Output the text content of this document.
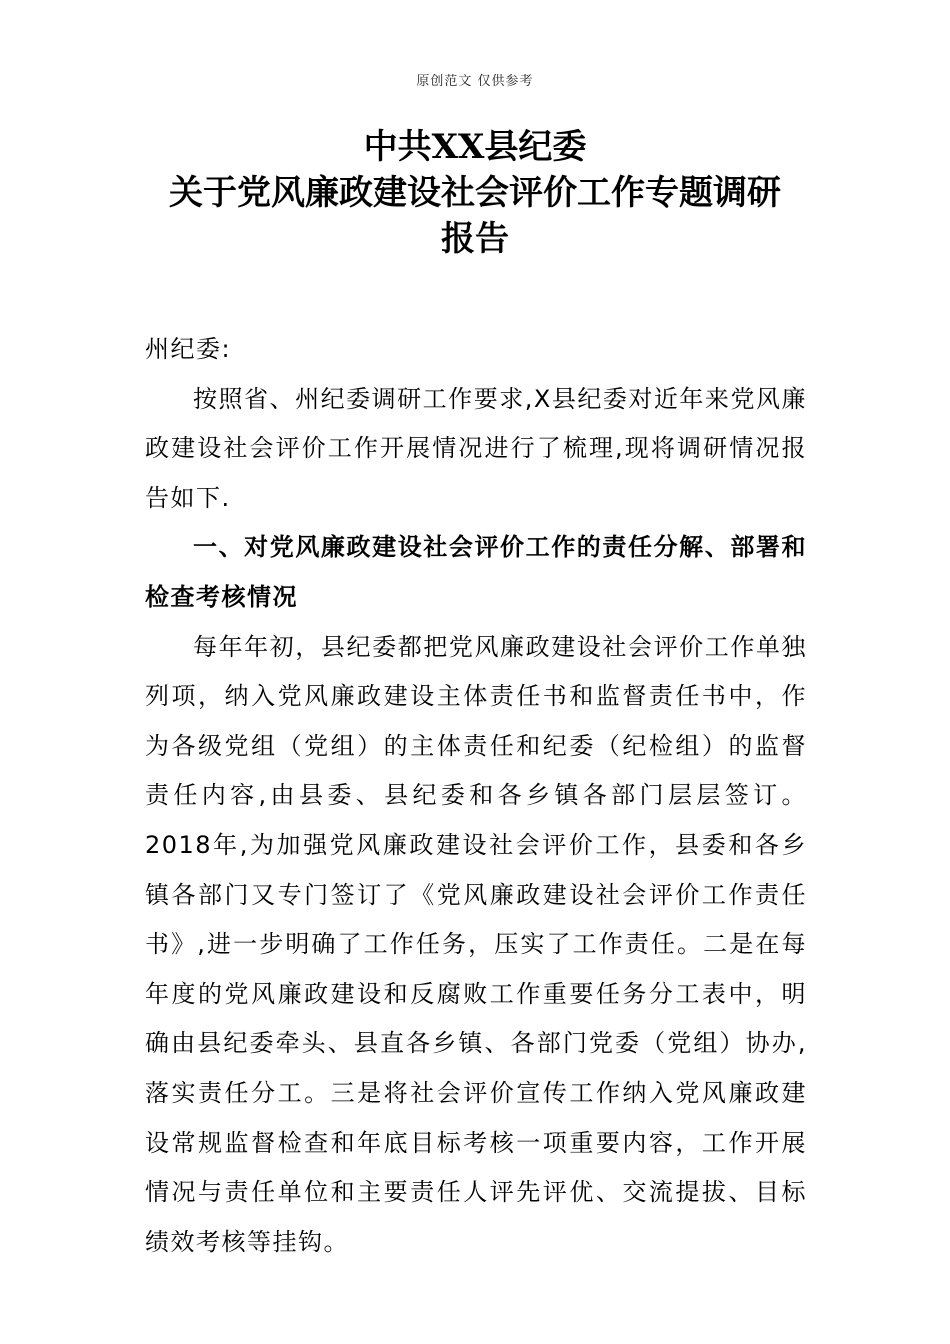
原创范文 仅供参考
中共XX县纪委
关于党风廉政建设社会评价工作专题调研
报告

州纪委:

按照省、州纪委调研工作要求,X县纪委对近年来党风廉政建设社会评价工作开展情况进行了梳理,现将调研情况报告如下.

一、对党风廉政建设社会评价工作的责任分解、部署和检查考核情况

每年年初，县纪委都把党风廉政建设社会评价工作单独列项，纳入党风廉政建设主体责任书和监督责任书中，作为各级党组（党组）的主体责任和纪委（纪检组）的监督责任内容,由县委、县纪委和各乡镇各部门层层签订。2018年,为加强党风廉政建设社会评价工作，县委和各乡镇各部门又专门签订了《党风廉政建设社会评价工作责任书》,进一步明确了工作任务，压实了工作责任。二是在每年度的党风廉政建设和反腐败工作重要任务分工表中，明确由县纪委牵头、县直各乡镇、各部门党委（党组）协办,落实责任分工。三是将社会评价宣传工作纳入党风廉政建设常规监督检查和年底目标考核一项重要内容，工作开展情况与责任单位和主要责任人评先评优、交流提拔、目标绩效考核等挂钩。
